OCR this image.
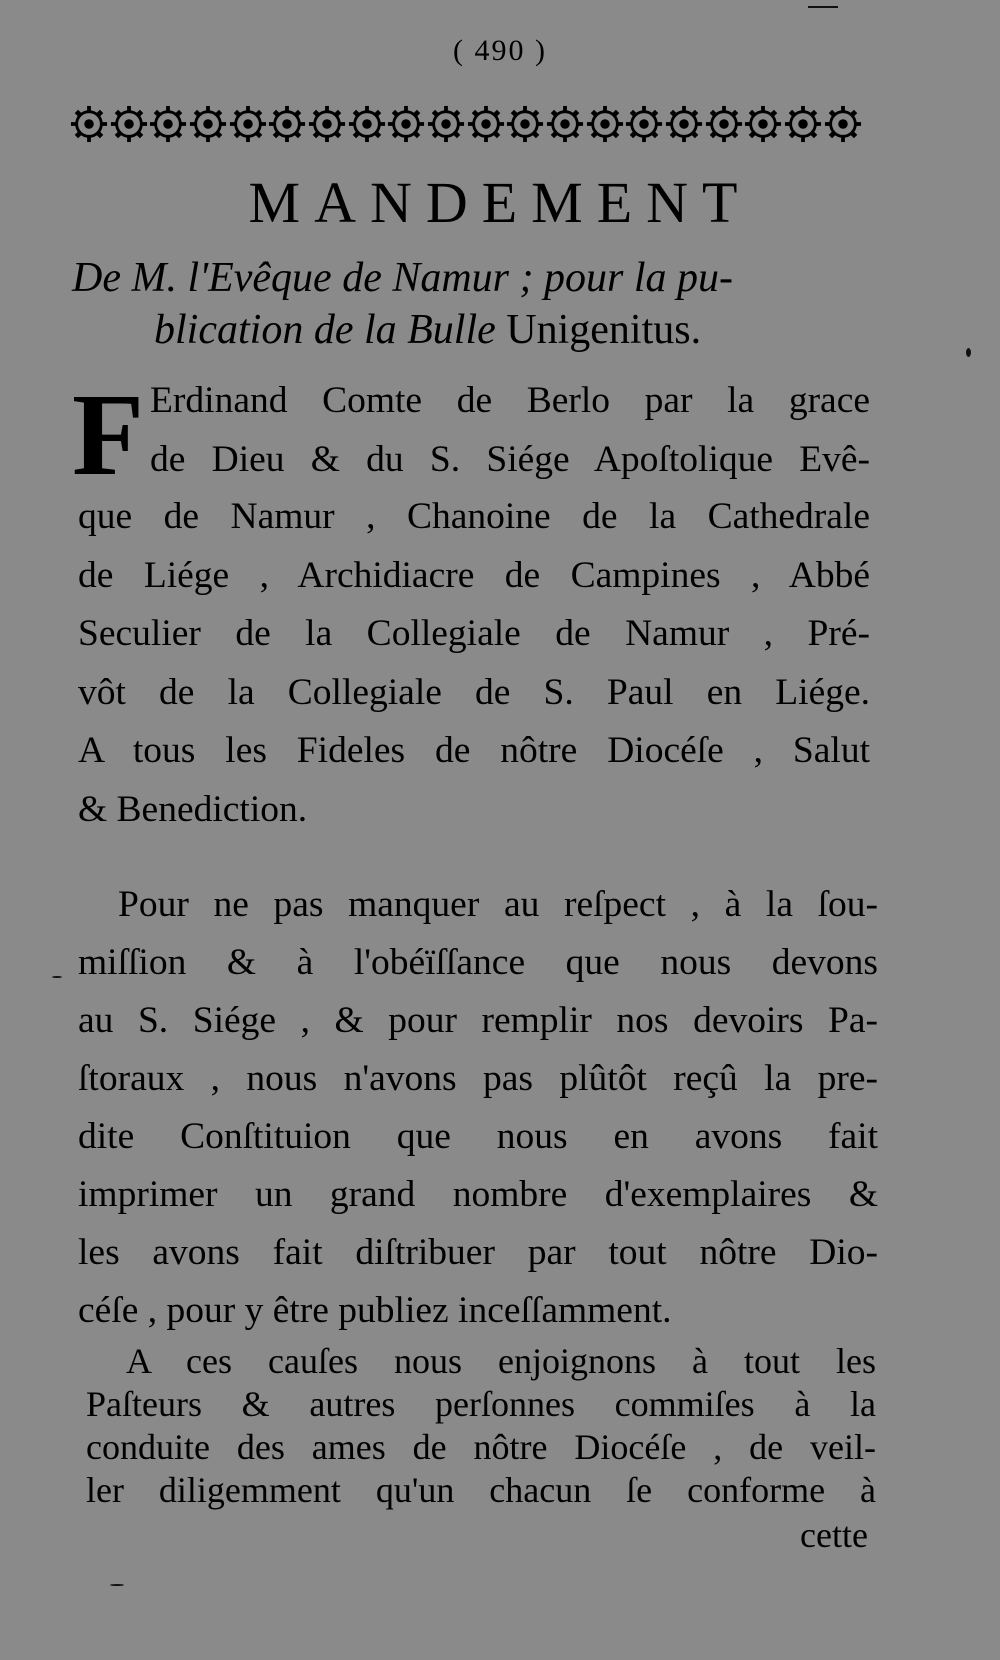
( 490 )
MANDEMENT
De M. l'Evêque de Namur ; pour la pu-
blication de la Bulle Unigenitus.
F Erdinand Comte de Berlo par la grace
de Dieu & du S. Siége Apoſtolique Evê-
que de Namur , Chanoine de la Cathedrale
de Liége , Archidiacre de Campines , Abbé
Seculier de la Collegiale de Namur , Pré-
vôt de la Collegiale de S. Paul en Liége.
A tous les Fideles de nôtre Diocéſe , Salut
& Benediction.
Pour ne pas manquer au reſpect , à la ſou-
miſſion & à l'obéïſſance que nous devons
au S. Siége , & pour remplir nos devoirs Pa-
ſtoraux , nous n'avons pas plûtôt reçû la pre-
dite Conſtituion que nous en avons fait
imprimer un grand nombre d'exemplaires &
les avons fait diſtribuer par tout nôtre Dio-
céſe , pour y être publiez inceſſamment.
A ces cauſes nous enjoignons à tout les
Paſteurs & autres perſonnes commiſes à la
conduite des ames de nôtre Diocéſe , de veil-
ler diligemment qu'un chacun ſe conforme à
cette
